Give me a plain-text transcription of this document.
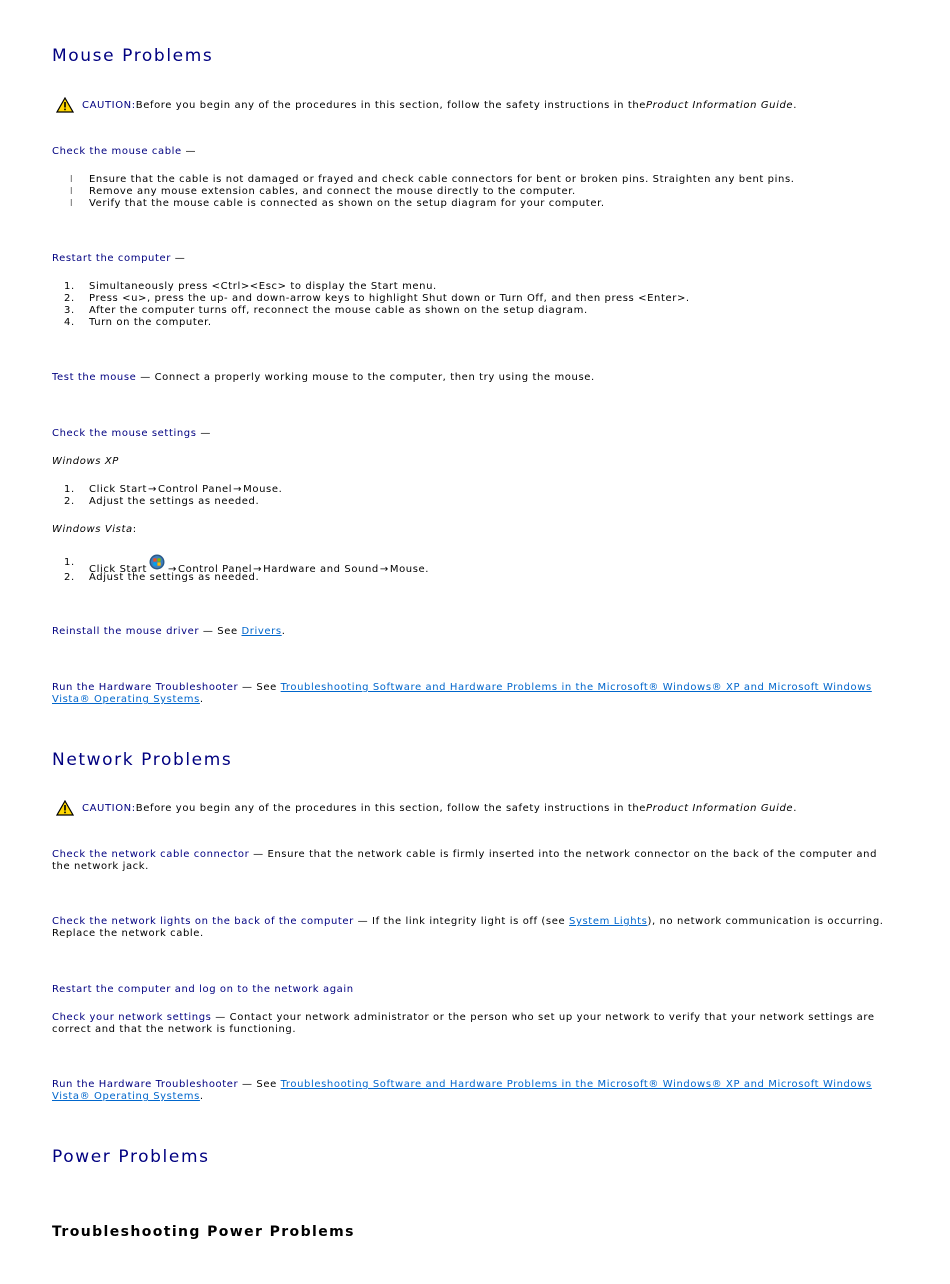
Mouse Problems
CAUTION: Before you begin any of the procedures in this section, follow the safety instructions in the Product Information Guide .
Check the mouse cable —
l Ensure that the cable is not damaged or frayed and check cable connectors for bent or broken pins. Straighten any bent pins.
l Remove any mouse extension cables, and connect the mouse directly to the computer.
l Verify that the mouse cable is connected as shown on the setup diagram for your computer.
Restart the computer —
1. Simultaneously press <Ctrl><Esc> to display the Start menu.
2. Press <u>, press the up- and down-arrow keys to highlight Shut down or Turn Off, and then press <Enter>.
3. After the computer turns off, reconnect the mouse cable as shown on the setup diagram.
4. Turn on the computer.
Test the mouse — Connect a properly working mouse to the computer, then try using the mouse.
Check the mouse settings —
Windows XP
1. Click Start→Control Panel→Mouse.
2. Adjust the settings as needed.
Windows Vista:
1.
Click Start →Control Panel→Hardware and Sound→Mouse.
2. Adjust the settings as needed.
Reinstall the mouse driver — See Drivers.
Run the Hardware Troubleshooter — See Troubleshooting Software and Hardware Problems in the Microsoft® Windows® XP and Microsoft Windows Vista® Operating Systems.
Network Problems
CAUTION: Before you begin any of the procedures in this section, follow the safety instructions in the Product Information Guide .
Check the network cable connector — Ensure that the network cable is firmly inserted into the network connector on the back of the computer and the network jack.
Check the network lights on the back of the computer — If the link integrity light is off (see System Lights), no network communication is occurring. Replace the network cable.
Restart the computer and log on to the network again
Check your network settings — Contact your network administrator or the person who set up your network to verify that your network settings are correct and that the network is functioning.
Run the Hardware Troubleshooter — See Troubleshooting Software and Hardware Problems in the Microsoft® Windows® XP and Microsoft Windows Vista® Operating Systems.
Power Problems
Troubleshooting Power Problems
